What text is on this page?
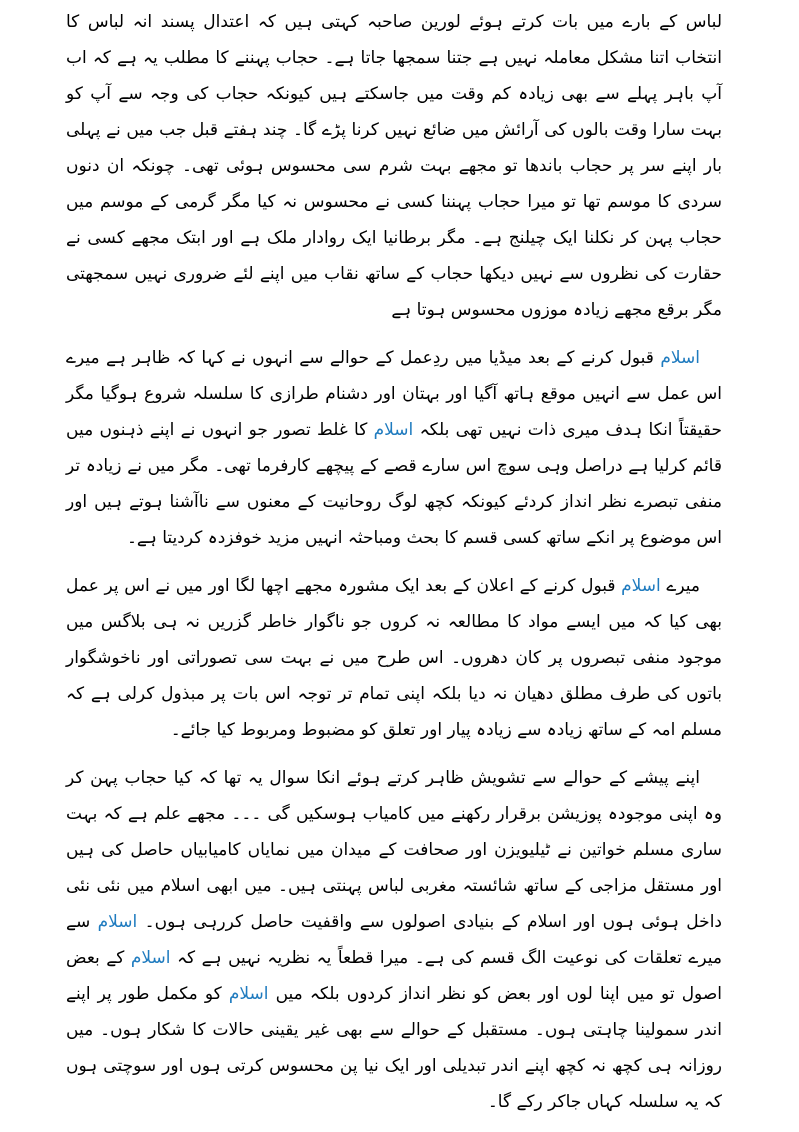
لباس کے بارے میں بات کرتے ہوئے لورین صاحبہ کہتی ہیں کہ اعتدال پسند انہ لباس کا انتخاب اتنا مشکل معاملہ نہیں ہے جتنا سمجھا جاتا ہے۔ حجاب پہننے کا مطلب یہ ہے کہ اب آپ باہر پہلے سے بھی زیادہ کم وقت میں جاسکتے ہیں کیونکہ حجاب کی وجہ سے آپ کو بہت سارا وقت بالوں کی آرائش میں ضائع نہیں کرنا پڑے گا۔ چند ہفتے قبل جب میں نے پہلی بار اپنے سر پر حجاب باندھا تو مجھے بہت شرم سی محسوس ہوئی تھی۔ چونکہ ان دنوں سردی کا موسم تھا تو میرا حجاب پہننا کسی نے محسوس نہ کیا مگر گرمی کے موسم میں حجاب پہن کر نکلنا ایک چیلنج ہے۔ مگر برطانیا ایک روادار ملک ہے اور ابتک مجھے کسی نے حقارت کی نظروں سے نہیں دیکھا حجاب کے ساتھ نقاب میں اپنے لئے ضروری نہیں سمجھتی مگر برقع مجھے زیادہ موزوں محسوس ہوتا ہے

اسلام قبول کرنے کے بعد میڈیا میں ردِعمل کے حوالے سے انہوں نے کہا کہ ظاہر ہے میرے اس عمل سے انہیں موقع ہاتھ آگیا اور بہتان اور دشنام طرازی کا سلسلہ شروع ہوگیا مگر حقیقتاً انکا ہدف میری ذات نہیں تھی بلکہ اسلام کا غلط تصور جو انہوں نے اپنے ذہنوں میں قائم کرلیا ہے دراصل وہی سوچ اس سارے قصے کے پیچھے کارفرما تھی۔ مگر میں نے زیادہ تر منفی تبصرے نظر انداز کردئے کیونکہ کچھ لوگ روحانیت کے معنوں سے ناآشنا ہوتے ہیں اور اس موضوع پر انکے ساتھ کسی قسم کا بحث ومباحثہ انہیں مزید خوفزدہ کردیتا ہے۔

میرے اسلام قبول کرنے کے اعلان کے بعد ایک مشورہ مجھے اچھا لگا اور میں نے اس پر عمل بھی کیا کہ میں ایسے مواد کا مطالعہ نہ کروں جو ناگوار خاطر گزریں نہ ہی بلاگس میں موجود منفی تبصروں پر کان دھروں۔ اس طرح میں نے بہت سی تصوراتی اور ناخوشگوار باتوں کی طرف مطلق دھیان نہ دیا بلکہ اپنی تمام تر توجہ اس بات پر مبذول کرلی ہے کہ مسلم امہ کے ساتھ زیادہ سے زیادہ پیار اور تعلق کو مضبوط ومربوط کیا جائے۔

اپنے پیشے کے حوالے سے تشویش ظاہر کرتے ہوئے انکا سوال یہ تھا کہ کیا حجاب پہن کر وہ اپنی موجودہ پوزیشن برقرار رکھنے میں کامیاب ہوسکیں گی ۔۔۔ مجھے علم ہے کہ بہت ساری مسلم خواتین نے ٹیلیویزن اور صحافت کے میدان میں نمایاں کامیابیاں حاصل کی ہیں اور مستقل مزاجی کے ساتھ شائستہ مغربی لباس پہنتی ہیں۔ میں ابھی اسلام میں نئی نئی داخل ہوئی ہوں اور اسلام کے بنیادی اصولوں سے واقفیت حاصل کررہی ہوں۔ اسلام سے میرے تعلقات کی نوعیت الگ قسم کی ہے۔ میرا قطعاً یہ نظریہ نہیں ہے کہ اسلام کے بعض اصول تو میں اپنا لوں اور بعض کو نظر انداز کردوں بلکہ میں اسلام کو مکمل طور پر اپنے اندر سمولینا چاہتی ہوں۔ مستقبل کے حوالے سے بھی غیر یقینی حالات کا شکار ہوں۔ میں روزانہ ہی کچھ نہ کچھ اپنے اندر تبدیلی اور ایک نیا پن محسوس کرتی ہوں اور سوچتی ہوں کہ یہ سلسلہ کہاں جاکر رکے گا۔
